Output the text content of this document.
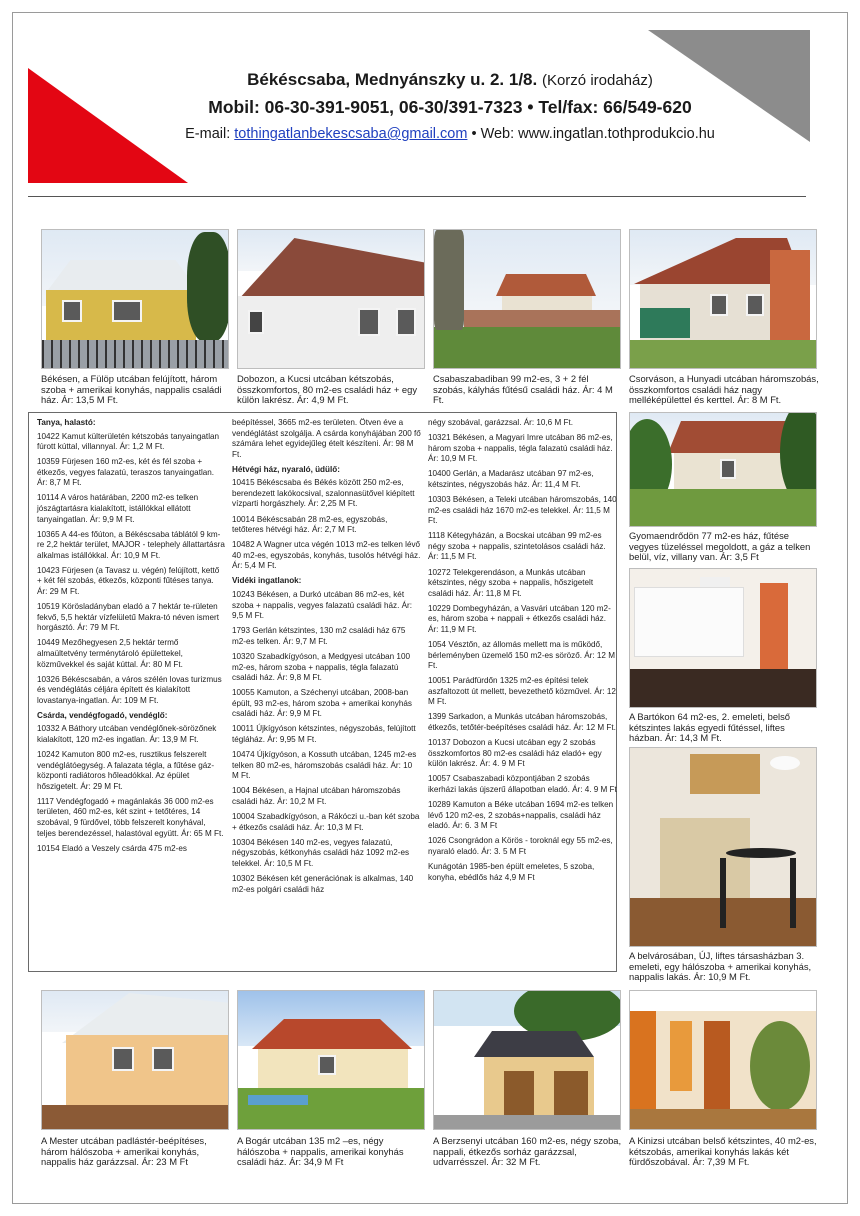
Békéscsaba, Mednyánszky u. 2. 1/8. (Korzó irodaház)
Mobil: 06-30-391-9051, 06-30/391-7323 • Tel/fax: 66/549-620
E-mail: tothingatlanbekescsaba@gmail.com • Web: www.ingatlan.tothprodukcio.hu
Békésen, a Fülöp utcában felújított, három szoba + amerikai konyhás, nappalis családi ház. Ár: 13,5 M Ft.
Dobozon, a Kucsi utcában kétszobás, összkomfortos, 80 m2-es családi ház + egy külön lakrész. Ár: 4,9 M Ft.
Csabaszabadiban 99 m2-es, 3 + 2 fél szobás, kályhás fűtésű családi ház. Ár: 4 M Ft.
Csorváson, a Hunyadi utcában háromszobás, összkomfortos családi ház nagy melléképülettel és kerttel. Ár: 8 M Ft.

Tanya, halastó:

10422 Kamut külterületén kétszobás tanyaingatlan fúrott kúttal, villannyal. Ár: 1,2 M Ft.

10359 Fürjesen 160 m2-es, két és fél szoba + étkezős, vegyes falazatú, teraszos tanyaingatlan. Ár: 8,7 M Ft.

10114 A város határában, 2200 m2-es telken jószágtartásra kialakított, istállókkal ellátott tanyaingatlan. Ár: 9,9 M Ft.

10365 A 44-es főúton, a Békéscsaba táblától 9 km-re 2,2 hektár terület, MAJOR - telephely állattartásra alkalmas istállókkal. Ár: 10,9 M Ft.

10423 Fürjesen (a Tavasz u. végén) felújított, kettő + két fél szobás, étkezős, központi fűtéses tanya. Ár: 29 M Ft.

10519 Körösladányban eladó a 7 hektár te-rületen fekvő, 5,5 hektár vízfelületű Makra-tó néven ismert horgásztó. Ár: 79 M Ft.

10449 Mezőhegyesen 2,5 hektár termő almaültetvény terménytároló épülettekel, közművekkel és saját kúttal. Ár: 80 M Ft.

10326 Békéscsabán, a város szélén lovas turizmus és vendéglátás céljára épített és kialakított lovastanya-ingatlan. Ár: 109 M Ft.

Csárda, vendégfogadó, vendéglő:

10332 A Báthory utcában vendéglőnek-sörözőnek kialakított, 120 m2-es ingatlan. Ár: 13,9 M Ft.

10242 Kamuton 800 m2-es, rusztikus felszerelt vendéglátóegység. A falazata tégla, a fűtése gáz-központi radiátoros hőleadókkal. Az épület hőszigetelt. Ár: 29 M Ft.

1117 Vendégfogadó + magánlakás 36 000 m2-es területen, 460 m2-es, két szint + tetőtéres, 14 szobával, 9 fürdővel, több felszerelt konyhával, teljes berendezéssel, halastóval együtt. Ár: 65 M Ft.

10154 Eladó a Veszely csárda 475 m2-es

beépítéssel, 3665 m2-es területen. Ötven éve a vendéglátást szolgálja. A csárda konyhájában 200 fő számára lehet egyidejűleg ételt készíteni. Ár: 98 M Ft.

Hétvégi ház, nyaraló, üdülő:

10415 Békéscsaba és Békés között 250 m2-es, berendezett lakókocsival, szalonnasütővel kiépített vízparti horgászhely. Ár: 2,25 M Ft.

10014 Békéscsabán 28 m2-es, egyszobás, tetőteres hétvégi ház. Ár: 2,7 M Ft.

10482 A Wagner utca végén 1013 m2-es telken lévő 40 m2-es, egyszobás, konyhás, tusolós hétvégi ház. Ár: 5,4 M Ft.

Vidéki ingatlanok:

10243 Békésen, a Durkó utcában 86 m2-es, két szoba + nappalis, vegyes falazatú családi ház. Ár: 9,5 M Ft.

1793 Gerlán kétszintes, 130 m2 családi ház 675 m2-es telken. Ár: 9,7 M Ft.

10320 Szabadkígyóson, a Medgyesi utcában 100 m2-es, három szoba + nappalis, tégla falazatú családi ház. Ár: 9,8 M Ft.

10055 Kamuton, a Széchenyi utcában, 2008-ban épült, 93 m2-es, három szoba + amerikai konyhás családi ház. Ár: 9,9 M Ft.

10011 Újkígyóson kétszintes, négyszobás, felújított tégláház. Ár: 9,95 M Ft.

10474 Újkígyóson, a Kossuth utcában, 1245 m2-es telken 80 m2-es, háromszobás családi ház. Ár: 10 M Ft.

1004 Békésen, a Hajnal utcában háromszobás családi ház. Ár: 10,2 M Ft.

10004 Szabadkígyóson, a Rákóczi u.-ban két szoba + étkezős családi ház. Ár: 10,3 M Ft.

10304 Békésen 140 m2-es, vegyes falazatú, négyszobás, kétkonyhás családi ház 1092 m2-es telekkel. Ár: 10,5 M Ft.

10302 Békésen két generációnak is alkalmas, 140 m2-es polgári családi ház

négy szobával, garázzsal. Ár: 10,6 M Ft.

10321 Békésen, a Magyari Imre utcában 86 m2-es, három szoba + nappalis, tégla falazatú családi ház. Ár: 10,9 M Ft.

10400 Gerlán, a Madarász utcában 97 m2-es, kétszintes, négyszobás ház. Ár: 11,4 M Ft.

10303 Békésen, a Teleki utcában háromszobás, 140 m2-es családi ház 1670 m2-es telekkel. Ár: 11,5 M Ft.

1118 Kétegyházán, a Bocskai utcában 99 m2-es négy szoba + nappalis, szintetolásos családi ház. Ár: 11,5 M Ft.

10272 Telekgerendáson, a Munkás utcában kétszintes, négy szoba + nappalis, hőszigetelt családi ház. Ár: 11,8 M Ft.

10229 Dombegyházán, a Vasvári utcában 120 m2-es, három szoba + nappali + étkezős családi ház. Ár: 11,9 M Ft.

1054 Vésztőn, az állomás mellett ma is működő, bérleményben üzemelő 150 m2-es söröző. Ár: 12 M Ft.

10051 Parádfürdőn 1325 m2-es építési telek aszfaltozott út mellett, bevezethető közművel. Ár: 12 M Ft.

1399 Sarkadon, a Munkás utcában háromszobás, étkezős, tetőtér-beépítéses családi ház. Ár: 12 M Ft.

10137 Dobozon a Kucsi utcában egy 2 szobás összkomfortos 80 m2-es családi ház eladó+ egy külön lakrész. Ár: 4. 9 M Ft

10057 Csabaszabadi központjában 2 szobás ikerházi lakás újszerű állapotban eladó. Ár: 4. 9 M Ft

10289 Kamuton a Béke utcában 1694 m2-es telken lévő 120 m2-es, 2 szobás+nappalis, családi ház eladó. Ár: 6. 3 M Ft

1026 Csongrádon a Körös - toroknál egy 55 m2-es, nyaraló eladó. Ár: 3. 5 M Ft

Kunágotán 1985-ben épült emeletes, 5 szoba, konyha, ebédlős ház 4,9 M Ft

Gyomaendrődön 77 m2-es ház, fűtése vegyes tüzeléssel megoldott, a gáz a telken belül, víz, villany van. Ár: 3,5 Ft
A Bartókon 64 m2-es, 2. emeleti, belső kétszintes lakás egyedi fűtéssel, liftes házban. Ár: 14,3 M Ft.
A belvárosában, ÚJ, liftes társasházban 3. emeleti, egy hálószoba + amerikai konyhás, nappalis lakás. Ár: 10,9 M Ft.
A Mester utcában padlástér-beépítéses, három hálószoba + amerikai konyhás, nappalis ház garázzsal. Ár: 23 M Ft
A Bogár utcában 135 m2 –es, négy hálószoba + nappalis, amerikai konyhás családi ház. Ár: 34,9 M Ft
A Berzsenyi utcában 160 m2-es, négy szoba, nappali, étkezős sorház garázzsal, udvarrésszel. Ár: 32 M Ft.
A Kinizsi utcában belső kétszintes, 40 m2-es, kétszobás, amerikai konyhás lakás két fürdőszobával. Ár: 7,39 M Ft.
